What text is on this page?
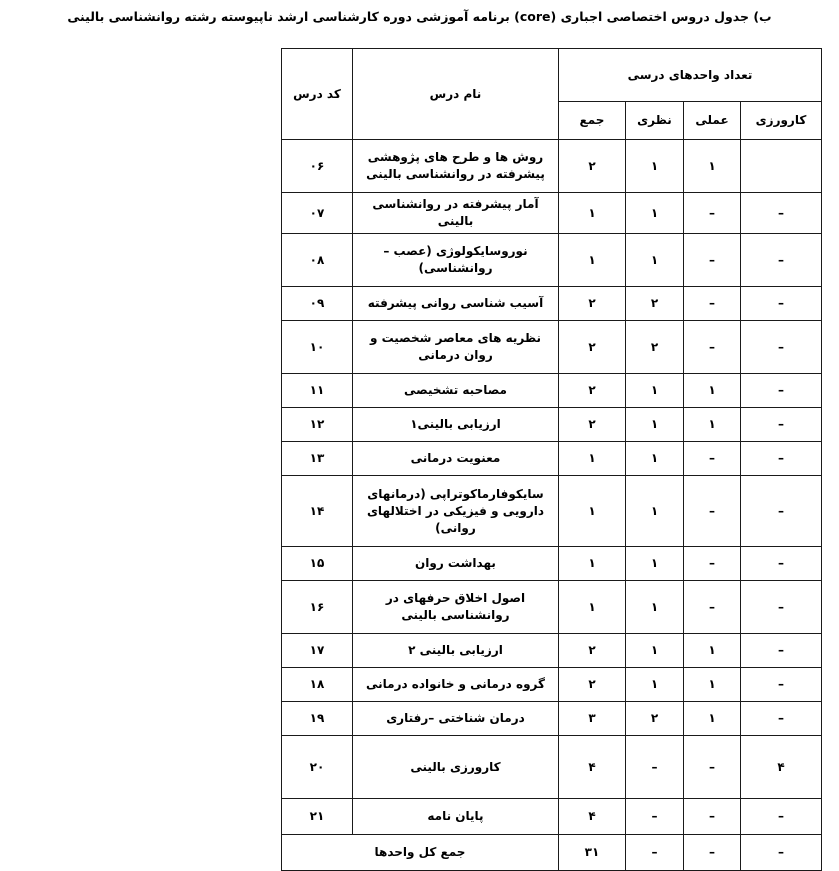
ب) جدول دروس اختصاصی اجباری (core) برنامه آموزشی دوره کارشناسی ارشد ناپیوسته رشته روانشناسی بالینی
تعداد واحدهای درسی				نام درس	کد درس
کارورزی	عملی	نظری	جمع		
	۱	۱	۲	روش ها و طرح های پژوهشی پیشرفته در روانشناسی بالینی	۰۶
–	–	۱	۱	آمار پیشرفته در روانشناسی بالینی	۰۷
–	–	۱	۱	نوروسایکولوژی (عصب – روانشناسی)	۰۸
–	–	۲	۲	آسیب شناسی روانی پیشرفته	۰۹
–	–	۲	۲	نظریه های معاصر شخصیت و روان درمانی	۱۰
–	۱	۱	۲	مصاحبه تشخیصی	۱۱
–	۱	۱	۲	ارزیابی بالینی۱	۱۲
–	–	۱	۱	معنویت درمانی	۱۳
–	–	۱	۱	سایکوفارماکوتراپی (درمانهای دارویی و فیزیکی در اختلالهای روانی)	۱۴
–	–	۱	۱	بهداشت روان	۱۵
–	–	۱	۱	اصول اخلاق حرفهای در روانشناسی بالینی	۱۶
–	۱	۱	۲	ارزیابی بالینی ۲	۱۷
–	۱	۱	۲	گروه درمانی و خانواده درمانی	۱۸
–	۱	۲	۳	درمان شناختی –رفتاری	۱۹
۴	–	–	۴	کارورزی بالینی	۲۰
–	–	–	۴	پایان نامه	۲۱
–	–	–	۳۱	جمع کل واحدها	
